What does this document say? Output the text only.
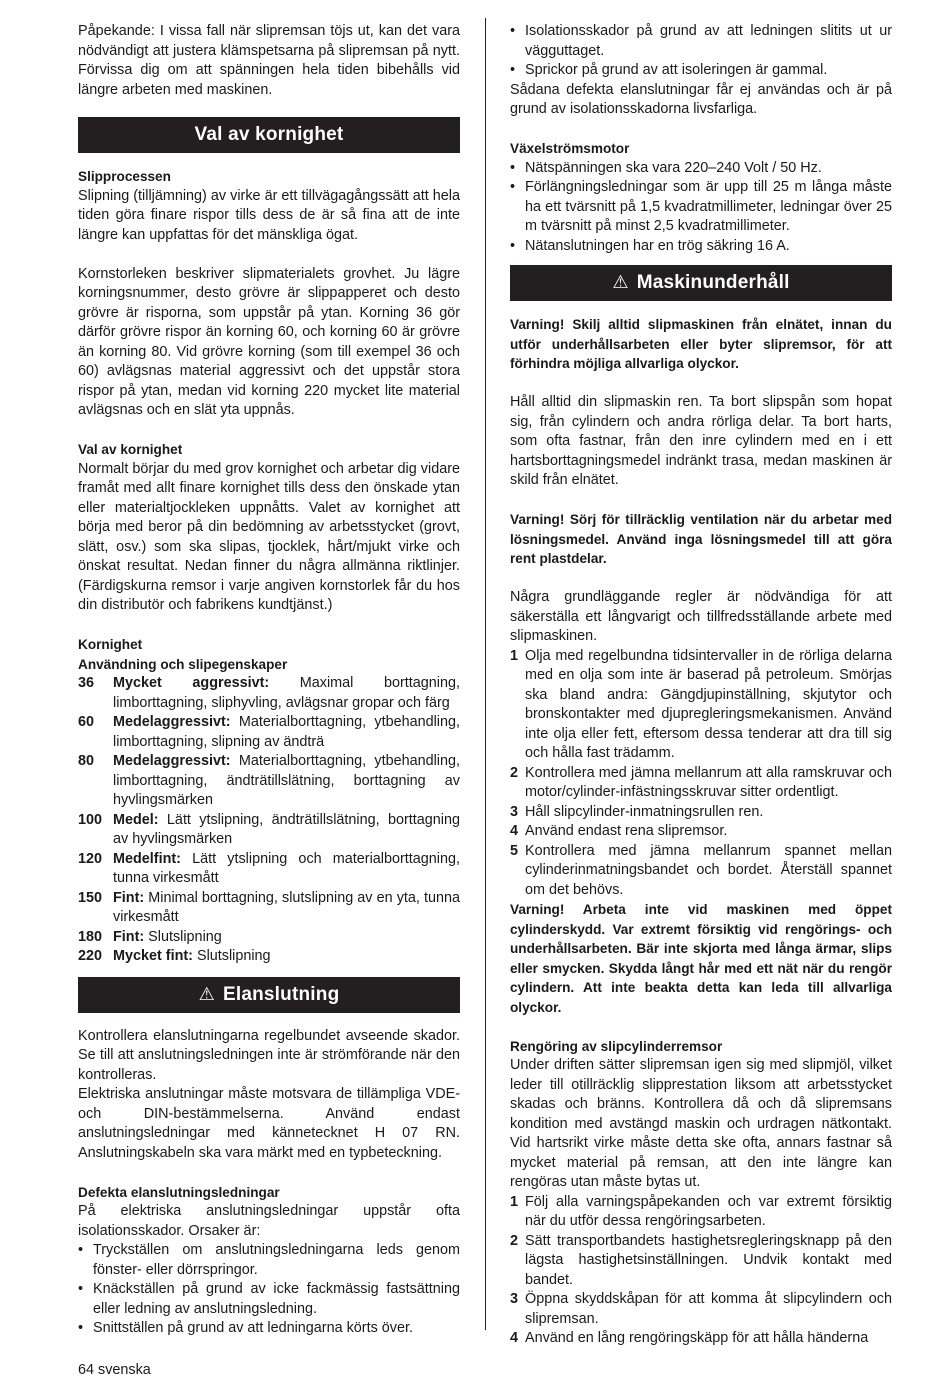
Påpekande: I vissa fall när slipremsan töjs ut, kan det vara nödvändigt att justera klämspetsarna på slipremsan på nytt. Förvissa dig om att spänningen hela tiden bibehålls vid längre arbeten med maskinen.

Val av kornighet
Slipprocessen

Slipning (tilljämning) av virke är ett tillvägagångssätt att hela tiden göra finare rispor tills dess de är så fina att de inte längre kan uppfattas för det mänskliga ögat.

Kornstorleken beskriver slipmaterialets grovhet. Ju lägre korningsnummer, desto grövre är slippapperet och desto grövre är risporna, som uppstår på ytan. Korning 36 gör därför grövre rispor än korning 60, och korning 60 är grövre än korning 80. Vid grövre korning (som till exempel 36 och 60) avlägsnas material aggressivt och det uppstår stora rispor på ytan, medan vid korning 220 mycket lite material avlägsnas och en slät yta uppnås.

Val av kornighet

Normalt börjar du med grov kornighet och arbetar dig vidare framåt med allt finare kornighet tills dess den önskade ytan eller materialtjockleken uppnåtts. Valet av kornighet att börja med beror på din bedömning av arbetsstycket (grovt, slätt, osv.) som ska slipas, tjocklek, hårt/mjukt virke och önskat resultat. Nedan finner du några allmänna riktlinjer. (Färdigskurna remsor i varje angiven kornstorlek får du hos din distributör och fabrikens kundtjänst.)

Kornighet
Användning och slipegenskaper
36	Mycket aggressivt: Maximal borttagning, limborttagning, sliphyvling, avlägsnar gropar och färg
60	Medelaggressivt: Materialborttagning, ytbehandling, limborttagning, slipning av ändträ
80	Medelaggressivt: Materialborttagning, ytbehandling, limborttagning, ändträtillslätning, borttagning av hyvlingsmärken
100 Medel: Lätt ytslipning, ändträtillslätning, borttagning av hyvlingsmärken
120 Medelfint: Lätt ytslipning och materialborttagning, tunna virkesmått
150 Fint: Minimal borttagning, slutslipning av en yta, tunna virkesmått
180 Fint: Slutslipning
220 Mycket fint: Slutslipning
⚠ Elanslutning

Kontrollera elanslutningarna regelbundet avseende skador. Se till att anslutningsledningen inte är strömförande när den kontrolleras.

Elektriska anslutningar måste motsvara de tillämpliga VDE- och DIN-bestämmelserna. Använd endast anslutningsledningar med kännetecknet H 07 RN. Anslutningskabeln ska vara märkt med en typbeteckning.

Defekta elanslutningsledningar

På elektriska anslutningsledningar uppstår ofta isolationsskador. Orsaker är:

• Tryckställen om anslutningsledningarna leds genom fönster- eller dörrspringor.
• Knäckställen på grund av icke fackmässig fastsättning eller ledning av anslutningsledning.
• Snittställen på grund av att ledningarna körts över.
• Isolationsskador på grund av att ledningen slitits ut ur vägguttaget.
• Sprickor på grund av att isoleringen är gammal.

Sådana defekta elanslutningar får ej användas och är på grund av isolationsskadorna livsfarliga.

Växelströmsmotor
• Nätspänningen ska vara 220–240 Volt / 50 Hz.
• Förlängningsledningar som är upp till 25 m långa måste ha ett tvärsnitt på 1,5 kvadratmillimeter, ledningar över 25 m tvärsnitt på minst 2,5 kvadratmillimeter.
• Nätanslutningen har en trög säkring 16 A.
⚠ Maskinunderhåll

Varning! Skilj alltid slipmaskinen från elnätet, innan du utför underhållsarbeten eller byter slipremsor, för att förhindra möjliga allvarliga olyckor.

Håll alltid din slipmaskin ren. Ta bort slipspån som hopat sig, från cylindern och andra rörliga delar. Ta bort harts, som ofta fastnar, från den inre cylindern med en i ett hartsborttagningsmedel indränkt trasa, medan maskinen är skild från elnätet.

Varning! Sörj för tillräcklig ventilation när du arbetar med lösningsmedel. Använd inga lösningsmedel till att göra rent plastdelar.

Några grundläggande regler är nödvändiga för att säkerställa ett långvarigt och tillfredsställande arbete med slipmaskinen.

1 Olja med regelbundna tidsintervaller in de rörliga delarna med en olja som inte är baserad på petroleum. Smörjas ska bland andra: Gängdjupinställning, skjutytor och bronskontakter med djupregleringsmekanismen. Använd inte olja eller fett, eftersom dessa tenderar att dra till sig och hålla fast trädamm.
2 Kontrollera med jämna mellanrum att alla ramskruvar och motor/cylinder-infästningsskruvar sitter ordentligt.
3 Håll slipcylinder-inmatningsrullen ren.
4 Använd endast rena slipremsor.
5 Kontrollera med jämna mellanrum spannet mellan cylinderinmatningsbandet och bordet. Återställ spannet om det behövs.

Varning! Arbeta inte vid maskinen med öppet cylinderskydd. Var extremt försiktig vid rengörings- och underhållsarbeten. Bär inte skjorta med långa ärmar, slips eller smycken. Skydda långt hår med ett nät när du rengör cylindern. Att inte beakta detta kan leda till allvarliga olyckor.

Rengöring av slipcylinderremsor

Under driften sätter slipremsan igen sig med slipmjöl, vilket leder till otillräcklig slipprestation liksom att arbetsstycket skadas och bränns. Kontrollera då och då slipremsans kondition med avstängd maskin och urdragen nätkontakt. Vid hartsrikt virke måste detta ske ofta, annars fastnar så mycket material på remsan, att den inte längre kan rengöras utan måste bytas ut.

1 Följ alla varningspåpekanden och var extremt försiktig när du utför dessa rengöringsarbeten.
2 Sätt transportbandets hastighetsregleringsknapp på den lägsta hastighetsinställningen. Undvik kontakt med bandet.
3 Öppna skyddskåpan för att komma åt slipcylindern och slipremsan.
4 Använd en lång rengöringskäpp för att hålla händerna
64 svenska
